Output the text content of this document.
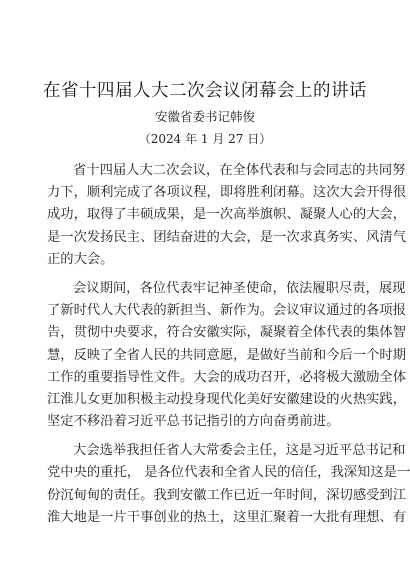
在省十四届人大二次会议闭幕会上的讲话
安徽省委书记韩俊
（2024 年 1 月 27 日）
省十四届人大二次会议，在全体代表和与会同志的共同努
力下，顺利完成了各项议程，即将胜利闭幕。这次大会开得很
成功，取得了丰硕成果，是一次高举旗帜、凝聚人心的大会，
是一次发扬民主、团结奋进的大会，是一次求真务实、风清气
正的大会。
会议期间，各位代表牢记神圣使命，依法履职尽责，展现
了新时代人大代表的新担当、新作为。会议审议通过的各项报
告，贯彻中央要求，符合安徽实际，凝聚着全体代表的集体智
慧，反映了全省人民的共同意愿，是做好当前和今后一个时期
工作的重要指导性文件。大会的成功召开，必将极大激励全体
江淮儿女更加积极主动投身现代化美好安徽建设的火热实践，
坚定不移沿着习近平总书记指引的方向奋勇前进。
大会选举我担任省人大常委会主任，这是习近平总书记和
党中央的重托， 是各位代表和全省人民的信任，我深知这是一
份沉甸甸的责任。我到安徽工作已近一年时间，深切感受到江
淮大地是一片干事创业的热土，这里汇聚着一大批有理想、有
